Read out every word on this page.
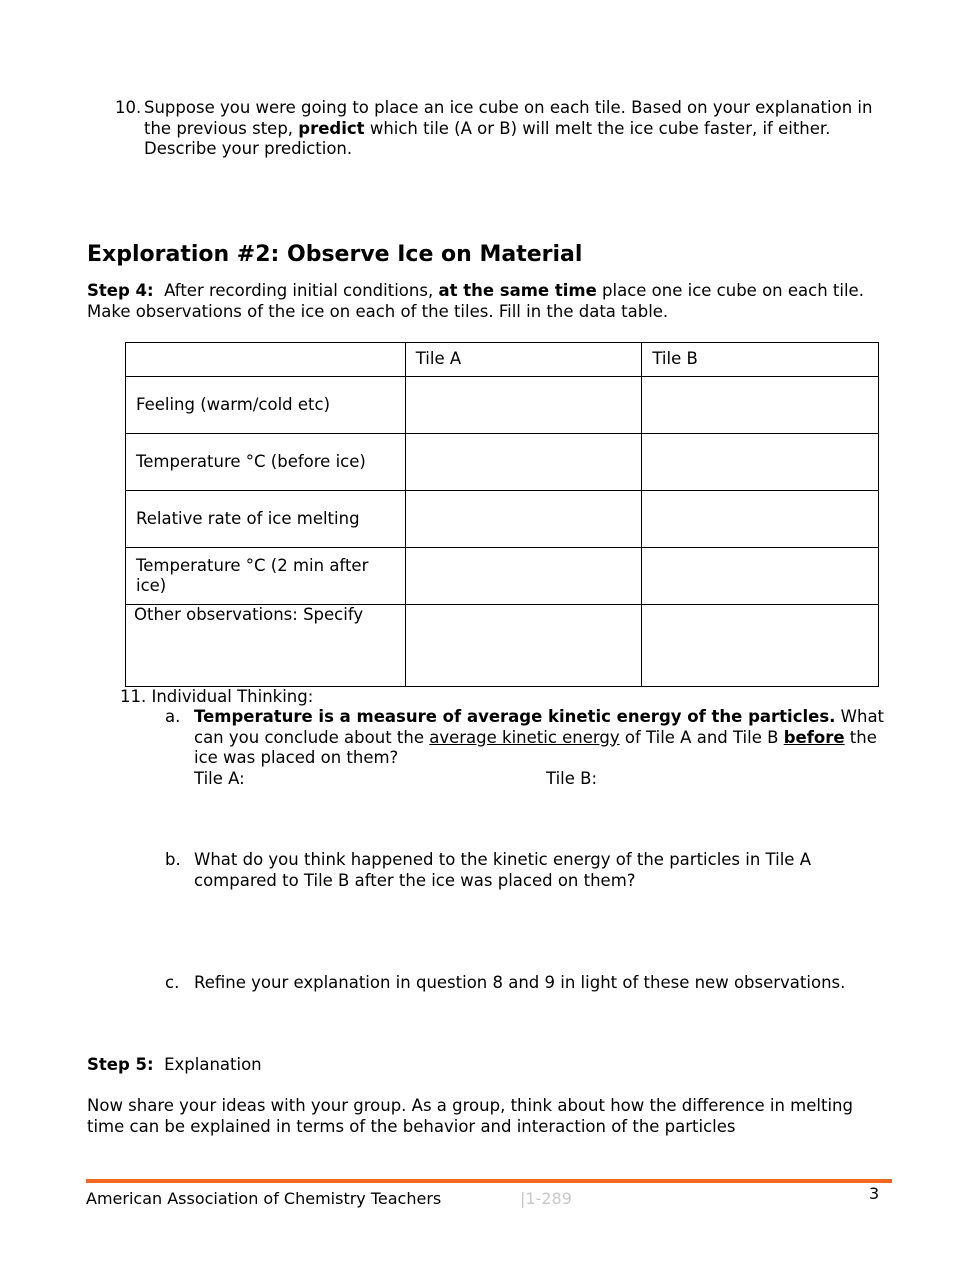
10. Suppose you were going to place an ice cube on each tile. Based on your explanation in the previous step, predict which tile (A or B) will melt the ice cube faster, if either. Describe your prediction.
Exploration #2: Observe Ice on Material
Step 4:  After recording initial conditions, at the same time place one ice cube on each tile. Make observations of the ice on each of the tiles. Fill in the data table.
	Tile A	Tile B
Feeling (warm/cold etc)		
Temperature °C (before ice)		
Relative rate of ice melting		
Temperature °C (2 min after ice)		
Other observations: Specify		
11. Individual Thinking:
a. Temperature is a measure of average kinetic energy of the particles. What can you conclude about the average kinetic energy of Tile A and Tile B before the ice was placed on them?
Tile A:	Tile B:
b. What do you think happened to the kinetic energy of the particles in Tile A compared to Tile B after the ice was placed on them?
c. Refine your explanation in question 8 and 9 in light of these new observations.
Step 5:  Explanation
Now share your ideas with your group. As a group, think about how the difference in melting time can be explained in terms of the behavior and interaction of the particles
American Association of Chemistry Teachers	|1-289	3
